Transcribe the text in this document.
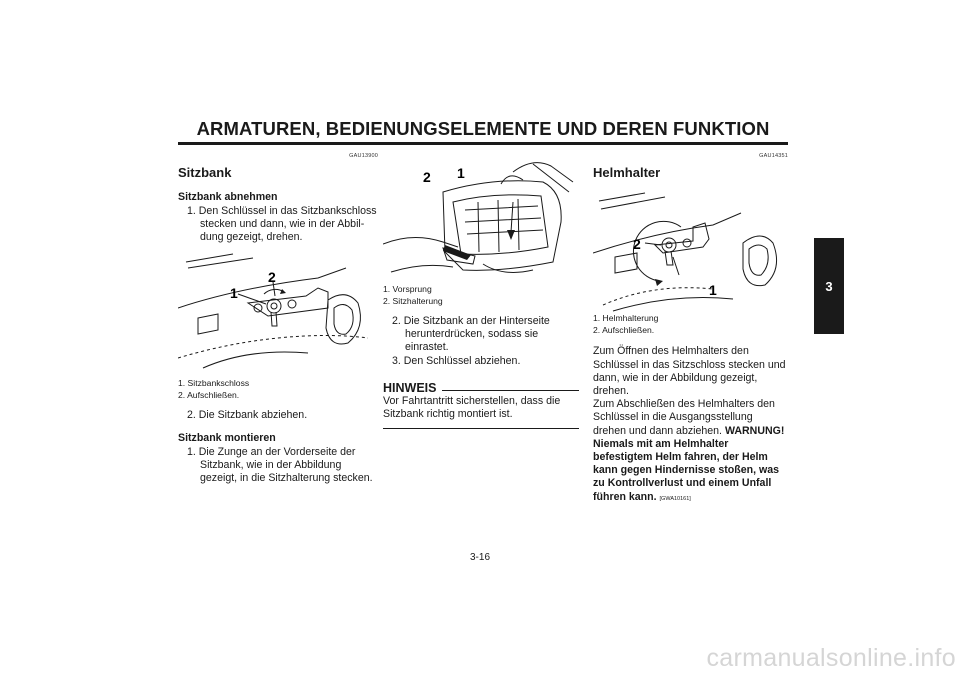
ARMATUREN, BEDIENUNGSELEMENTE UND DEREN FUNKTION
3
GAU13900
Sitzbank
Sitzbank abnehmen
1. Den Schlüssel in das Sitzbankschloss stecken und dann, wie in der Abbildung gezeigt, drehen.
1
2
1. Sitzbankschloss
2. Aufschließen.
2. Die Sitzbank abziehen.
Sitzbank montieren
1. Die Zunge an der Vorderseite der Sitzbank, wie in der Abbildung gezeigt, in die Sitzhalterung stecken.
2 1
1. Vorsprung
2. Sitzhalterung
2. Die Sitzbank an der Hinterseite herunterdrücken, sodass sie einrastet.
3. Den Schlüssel abziehen.
HINWEIS
Vor Fahrtantritt sicherstellen, dass die Sitzbank richtig montiert ist.
GAU14351
Helmhalter
2
1
1. Helmhalterung
2. Aufschließen.
Zum Öffnen des Helmhalters den Schlüssel in das Sitzschloss stecken und dann, wie in der Abbildung gezeigt, drehen.
Zum Abschließen des Helmhalters den Schlüssel in die Ausgangsstellung drehen und dann abziehen. WARNUNG! Niemals mit am Helmhalter befestigtem Helm fahren, der Helm kann gegen Hindernisse stoßen, was zu Kontrollverlust und einem Unfall führen kann. [GWA10161]
3-16
carmanualsonline.info
